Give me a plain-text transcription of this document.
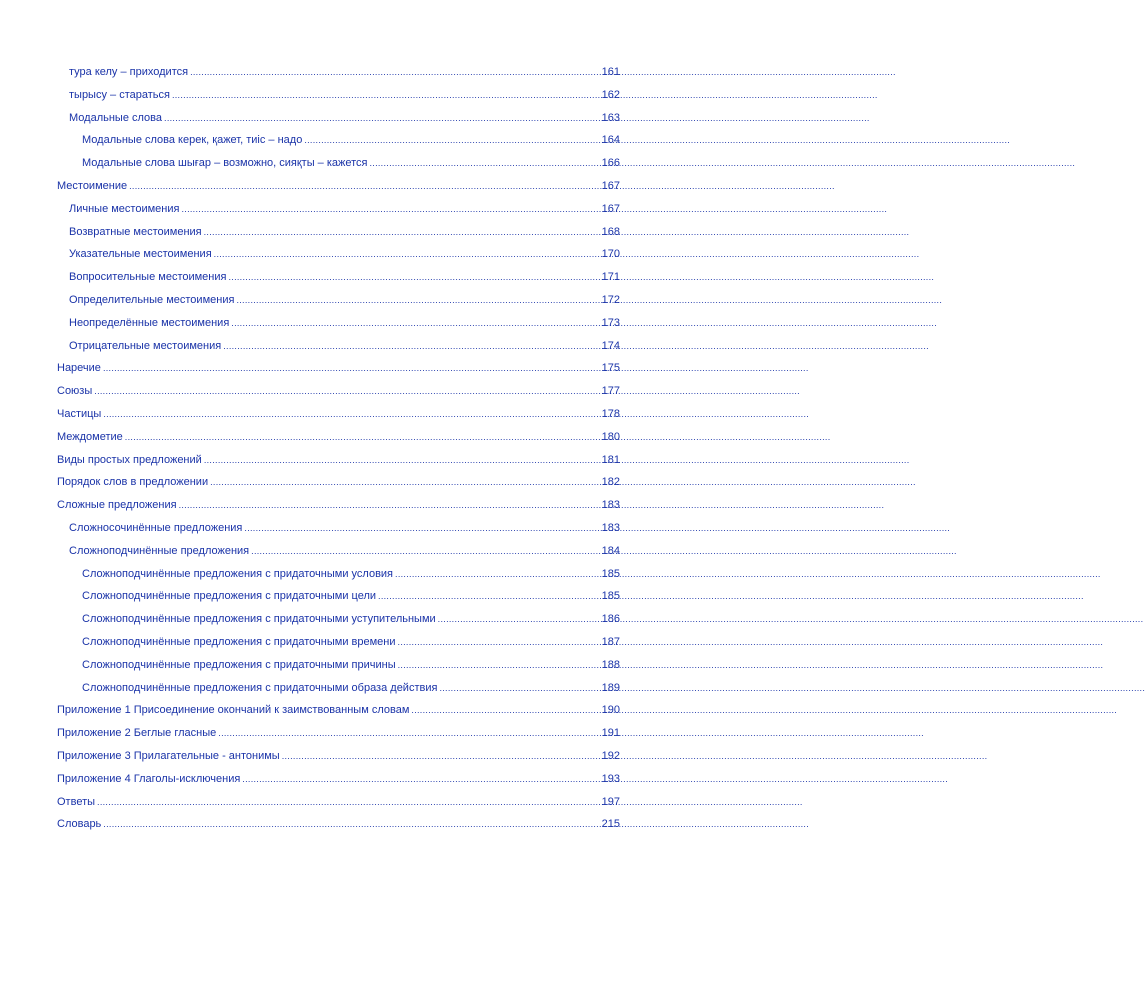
тура келу – приходится .....	161
тырысу – стараться .....	162
Модальные слова .....	163
Модальные слова керек, қажет, тиіс – надо .....	164
Модальные слова шығар – возможно, сияқты – кажется .....	166
Местоимение .....	167
Личные местоимения .....	167
Возвратные местоимения .....	168
Указательные местоимения .....	170
Вопросительные местоимения .....	171
Определительные местоимения .....	172
Неопределённые местоимения .....	173
Отрицательные местоимения .....	174
Наречие .....	175
Союзы .....	177
Частицы .....	178
Междометие .....	180
Виды простых предложений .....	181
Порядок слов в предложении .....	182
Сложные предложения .....	183
Сложносочинённые предложения .....	183
Сложноподчинённые предложения .....	184
Сложноподчинённые предложения с придаточными условия .....	185
Сложноподчинённые предложения с придаточными цели .....	185
Сложноподчинённые предложения с придаточными уступительными .....	186
Сложноподчинённые предложения с придаточными времени .....	187
Сложноподчинённые предложения с придаточными причины .....	188
Сложноподчинённые предложения с придаточными образа действия .....	189
Приложение 1 Присоединение окончаний к заимствованным словам .....	190
Приложение 2 Беглые гласные .....	191
Приложение 3 Прилагательные - антонимы .....	192
Приложение 4 Глаголы-исключения .....	193
Ответы .....	197
Словарь .....	215
